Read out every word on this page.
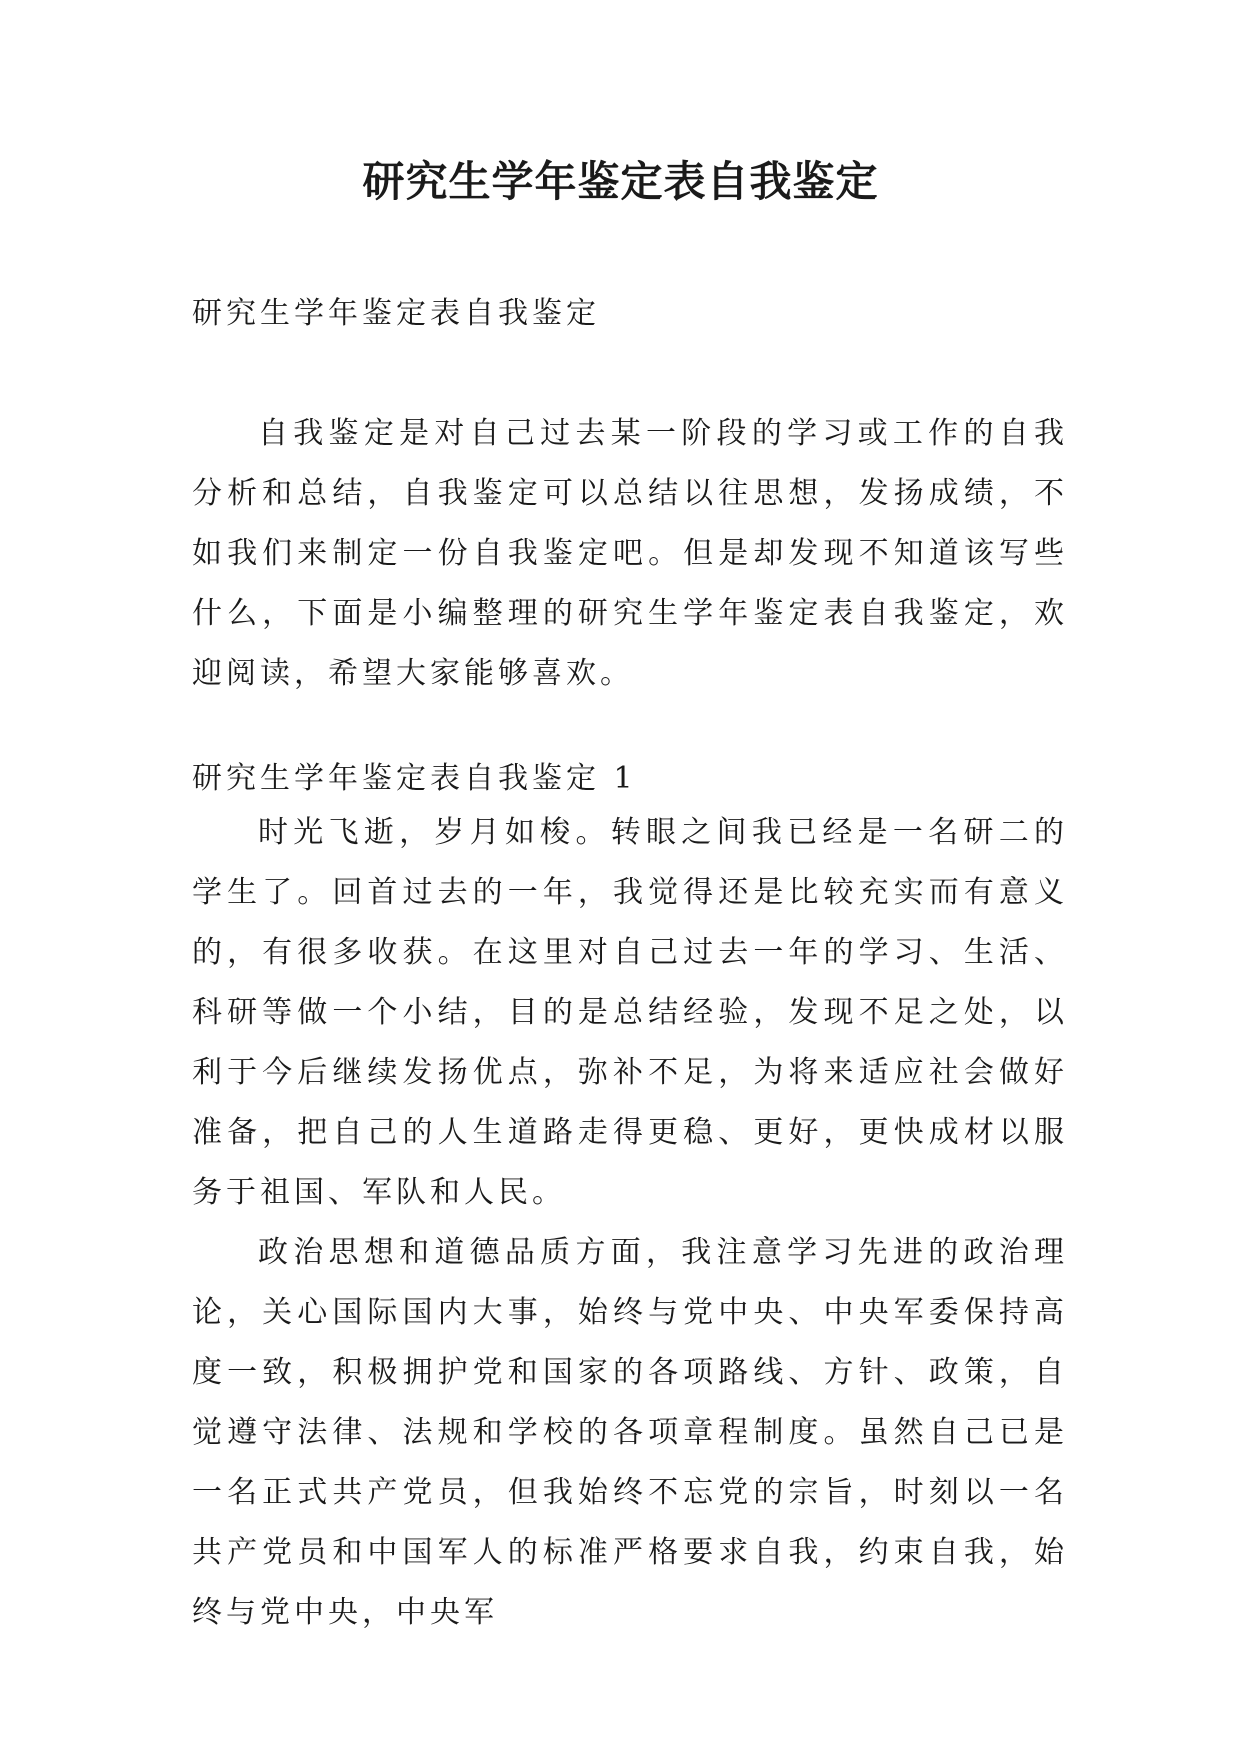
研究生学年鉴定表自我鉴定

研究生学年鉴定表自我鉴定

自我鉴定是对自己过去某一阶段的学习或工作的自我分析和总结，自我鉴定可以总结以往思想，发扬成绩，不如我们来制定一份自我鉴定吧。但是却发现不知道该写些什么，下面是小编整理的研究生学年鉴定表自我鉴定，欢迎阅读，希望大家能够喜欢。

研究生学年鉴定表自我鉴定 1

时光飞逝，岁月如梭。转眼之间我已经是一名研二的学生了。回首过去的一年，我觉得还是比较充实而有意义的，有很多收获。在这里对自己过去一年的学习、生活、科研等做一个小结，目的是总结经验，发现不足之处，以利于今后继续发扬优点，弥补不足，为将来适应社会做好准备，把自己的人生道路走得更稳、更好，更快成材以服务于祖国、军队和人民。

政治思想和道德品质方面，我注意学习先进的政治理论，关心国际国内大事，始终与党中央、中央军委保持高度一致，积极拥护党和国家的各项路线、方针、政策，自觉遵守法律、法规和学校的各项章程制度。虽然自己已是一名正式共产党员，但我始终不忘党的宗旨，时刻以一名共产党员和中国军人的标准严格要求自我，约束自我，始终与党中央，中央军
